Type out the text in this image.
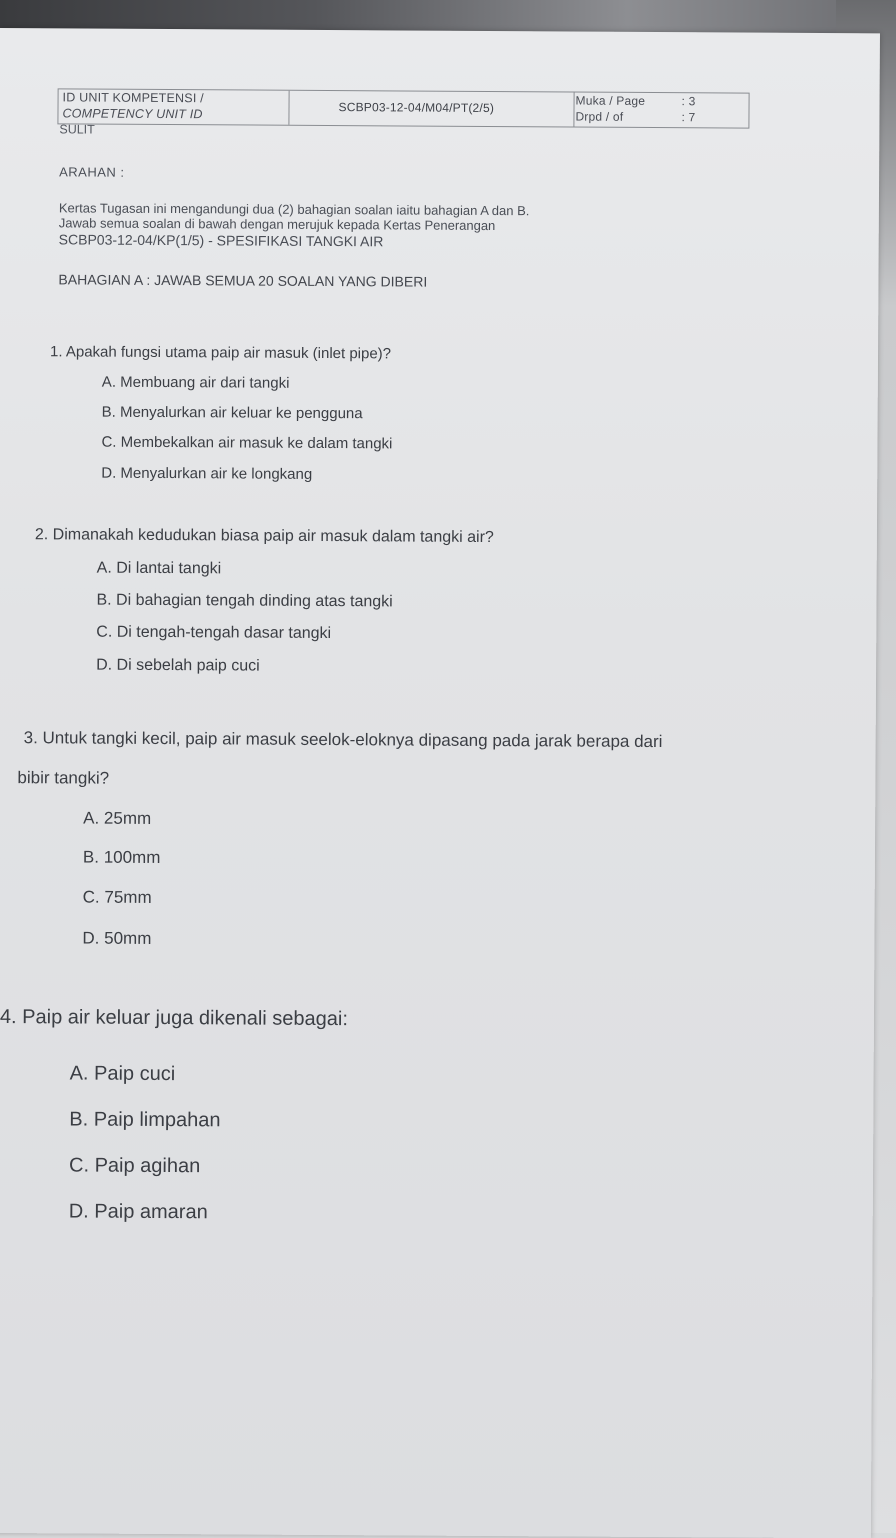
ID UNIT KOMPETENSI /
COMPETENCY UNIT ID	SCBP03-12-04/M04/PT(2/5)	Muka / Page	: 3
Drpd / of	: 7
SULIT
ARAHAN :
Kertas Tugasan ini mengandungi dua (2) bahagian soalan iaitu bahagian A dan B.
Jawab semua soalan di bawah dengan merujuk kepada Kertas Penerangan
SCBP03-12-04/KP(1/5) - SPESIFIKASI TANGKI AIR
BAHAGIAN A : JAWAB SEMUA 20 SOALAN YANG DIBERI
1. Apakah fungsi utama paip air masuk (inlet pipe)?
A. Membuang air dari tangki
B. Menyalurkan air keluar ke pengguna
C. Membekalkan air masuk ke dalam tangki
D. Menyalurkan air ke longkang
2. Dimanakah kedudukan biasa paip air masuk dalam tangki air?
A. Di lantai tangki
B. Di bahagian tengah dinding atas tangki
C. Di tengah-tengah dasar tangki
D. Di sebelah paip cuci
3. Untuk tangki kecil, paip air masuk seelok-eloknya dipasang pada jarak berapa dari
bibir tangki?
A. 25mm
B. 100mm
C. 75mm
D. 50mm
4. Paip air keluar juga dikenali sebagai:
A. Paip cuci
B. Paip limpahan
C. Paip agihan
D. Paip amaran
